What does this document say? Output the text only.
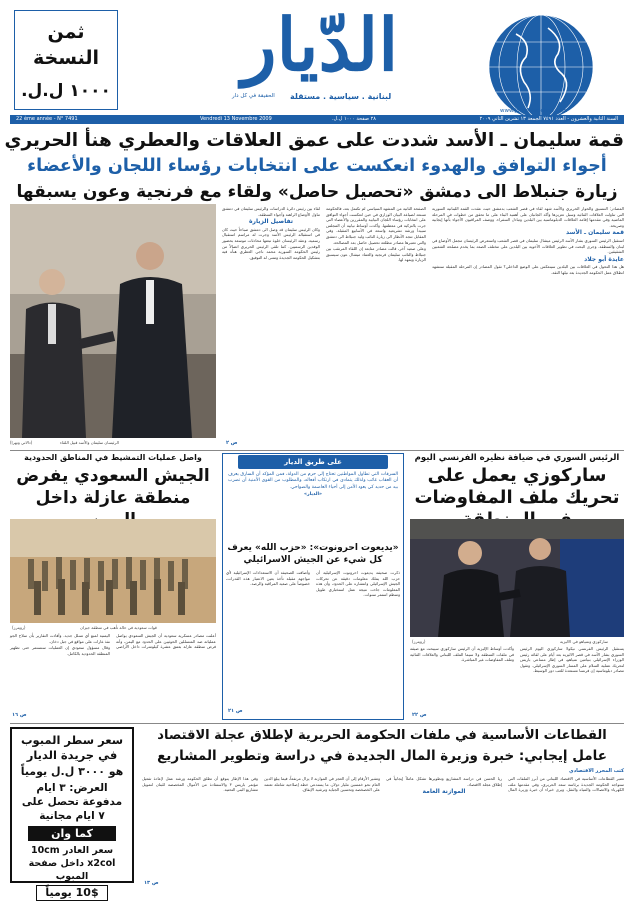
ثمن النسخة
١٠٠٠ ل.ل.
الدّيار
الحقيقة في كل دار لبنانية . سياسية . مستقلة
www.journaladdiyar.com
السنة الثانية والعشرون - العدد ٧٤٩١ الجمعة ١٣ تشرين الثاني ٢٠٠٩
٢٨ صفحة ١٠٠٠ ل.ل.
Vendredi 13 Novembre 2009
22 ème année - N° 7491
قمة سليمان ـ الأسد شددت على عمق العلاقات والعطري هنأ الحريري
أجواء التوافق والهدوء انعكست على انتخابات رؤساء اللجان والأعضاء
زيارة جنبلاط الى دمشق «تحصيل حاصل» ولقاء مع فرنجية وعون يسبقها

المصادر: التنسيق والحوار الحريري والأسد شهد لقاء في قصر الشعب بدمشق حيث عقدت القمة اللبنانية السورية التي تناولت العلاقات الثنائية وسبل تعزيزها وأكد الجانبان على أهمية البناء على ما تحقق من خطوات في المرحلة الماضية وفي مقدمها إقامة العلاقات الدبلوماسية بين البلدين وتبادل السفراء. ووصف المراقبون الأجواء بأنها إيجابية وصريحة.

قمة سليمان ـ الأسد

استقبل الرئيس السوري بشار الأسد الرئيس ميشال سليمان في قصر الشعب واستعرض الرئيسان مجمل الأوضاع في لبنان والمنطقة. وجرى البحث في تطوير العلاقات الأخوية بين البلدين على مختلف الصعد بما يخدم مصلحة الشعبين الشقيقين.

عايدة أبو جلاد

هل هذا التحول في العلاقات بين البلدين سينعكس على الوضع الداخلي؟ تقول المصادر إن المرحلة المقبلة ستشهد انطلاق عمل الحكومة الجديدة بعد نيلها الثقة.

الصفحة الثانية من المشهد السياسي لم تكتمل بعد، فالحكومة تستعد لصياغة البيان الوزاري في حين انعكست أجواء التوافق على انتخابات رؤساء اللجان النيابية والمقررين والأعضاء التي جرت بالتزكية في معظمها. وأكدت أوساط نيابية أن المجلس سيبدأ ورشة تشريعية واسعة في الأسابيع المقبلة. وفي المقابل تتجه الأنظار الى زيارة النائب وليد جنبلاط الى دمشق والتي تعتبرها مصادر مطلعة تحصيل حاصل بعد المصالحة.

وعلى صعيد آخر، قالت مصادر متابعة إن اللقاء المرتقب بين جنبلاط والنائب سليمان فرنجية والعماد ميشال عون سيسبق الزيارة ويمهد لها.

لقاء بين رئيس دائرة الدراسات والرئيس سليمان في دمشق تناول الأوضاع الراهنة وأجواء المنطقة.

تفاصيل الزيارة

وكان الرئيس سليمان قد وصل الى دمشق صباحاً حيث كان في استقباله الرئيس الأسد وجرت له مراسم استقبال رسمية. وعقد الرئيسان خلوة تبعتها محادثات موسعة بحضور الوفدين الرسميين. كما تلقى الرئيس الحريري اتصالاً من رئيس الحكومة السورية محمد ناجي العطري هنأه فيه بتشكيل الحكومة الجديدة وتمنى له التوفيق.

ص ٢
الرئيسان سليمان والأسد قبيل اللقاء
(دالاتي ونهرا)
الرئيس السوري في ضيافة نظيره الفرنسي اليوم
ساركوزي يعمل على تحريك ملف المفاوضات
ساركوزي ونتنياهو في الاليزيه
(رويترز)

يستقبل الرئيس الفرنسي نيكولا ساركوزي اليوم الرئيس السوري بشار الأسد في قصر الاليزيه بعد أيام على لقائه رئيس الوزراء الإسرائيلي بنيامين نتنياهو، في إطار مساعي باريس لتحريك عملية السلام على المسار السوري الإسرائيلي. وتقول مصادر دبلوماسية إن فرنسا مستعدة للعب دور الوسيط.

وأكدت أوساط الإليزيه أن الرئيس ساركوزي سيبحث مع ضيفه في ملفات المنطقة ولا سيما الملف اللبناني والعلاقات الثنائية وملف المفاوضات غير المباشرة.

ص ٢٢
على طريق الديار

السرقات التي تطاول المواطنين تحتاج إلى حزم من الدولة، فمن المؤكد أن السارق يعرف أن العقاب غائب ولذلك يتمادى في ارتكاب أفعاله، والمطلوب من القوى الأمنية أن تضرب بيد من حديد كي يعود الأمن إلى أحياء العاصمة والضواحي.

«الديار»

«يديعوت احرونوت»: «حزب الله» يعرف كل شيء عن الجيش الاسرائيلي

ذكرت صحيفة يديعوت احرونوت الإسرائيلية أن حزب الله يملك معلومات دقيقة عن تحركات الجيش الإسرائيلي وانتشاره على الحدود، وأن هذه المعلومات جاءت نتيجة عمل استخباري طويل ومنظم استمر سنوات.

وأضافت الصحيفة أن الاستعدادات الإسرائيلية لأي مواجهة مقبلة تأخذ بعين الاعتبار هذه القدرات، خصوصاً على صعيد المراقبة والرصد.

ص ٢١
واصل عمليات التمشيط في المناطق الحدودية
الجيش السعودي يفرض منطقة عازلة داخل
قوات سعودية في حالة تأهب في منطقة جيزان
(رويترز)

أعلنت مصادر عسكرية سعودية أن الجيش السعودي يواصل عملياته ضد المتسللين الحوثيين على الحدود مع اليمن، وأنه فرض منطقة عازلة بعمق عشرة كيلومترات داخل الأراضي اليمنية لمنع أي تسلل جديد. وأفادت التقارير بأن سلاح الجو نفذ غارات على مواقع في جبل دخان.

وقال مسؤول سعودي إن العمليات ستستمر حتى تطهير المنطقة الحدودية بالكامل.

ص ١٦
القطاعات الأساسية في ملفات الحكومة الحريرية لإطلاق عجلة الاقتصاد
عامل إيجابي: خبرة وزيرة المال الجديدة في دراسة وتطوير المشاريع
كتب المحرر الاقتصادي

تعتبر القطاعات الأساسية في الاقتصاد اللبناني من أبرز الملفات التي ستواجه الحكومة الجديدة برئاسة سعد الحريري، وفي مقدمها ملف الكهرباء والاتصالات والمياه والنقل. ويرى خبراء أن خبرة وزيرة المال ريا الحسن في دراسة المشاريع وتطويرها تشكل عاملاً إيجابياً في إطلاق عجلة الاقتصاد.

الموازنة العامة

وتشير الأرقام إلى أن العجز في الموازنة لا يزال مرتفعاً، فيما يبلغ الدين العام نحو خمسين مليار دولار، ما يستدعي خطة إصلاحية شاملة تعتمد على الخصخصة وتحسين الجباية وترشيد الإنفاق.

وفي هذا الإطار يتوقع أن تطلق الحكومة ورشة عمل لإعادة تفعيل مؤتمر باريس ٣ والاستفادة من الأموال المخصصة للبنان لتمويل مشاريع البنى التحتية.

ص ١٣
سعر سطر المبوب في جريدة الديار
هو ٣٠٠٠ ل.ل يومياً
العرض: ٣ ايام مدفوعة تحصل على ٧ ايام مجانية
كما وان
سعر العادر 10cm x2col داخل صفحة المبوب
10$ يومياً
